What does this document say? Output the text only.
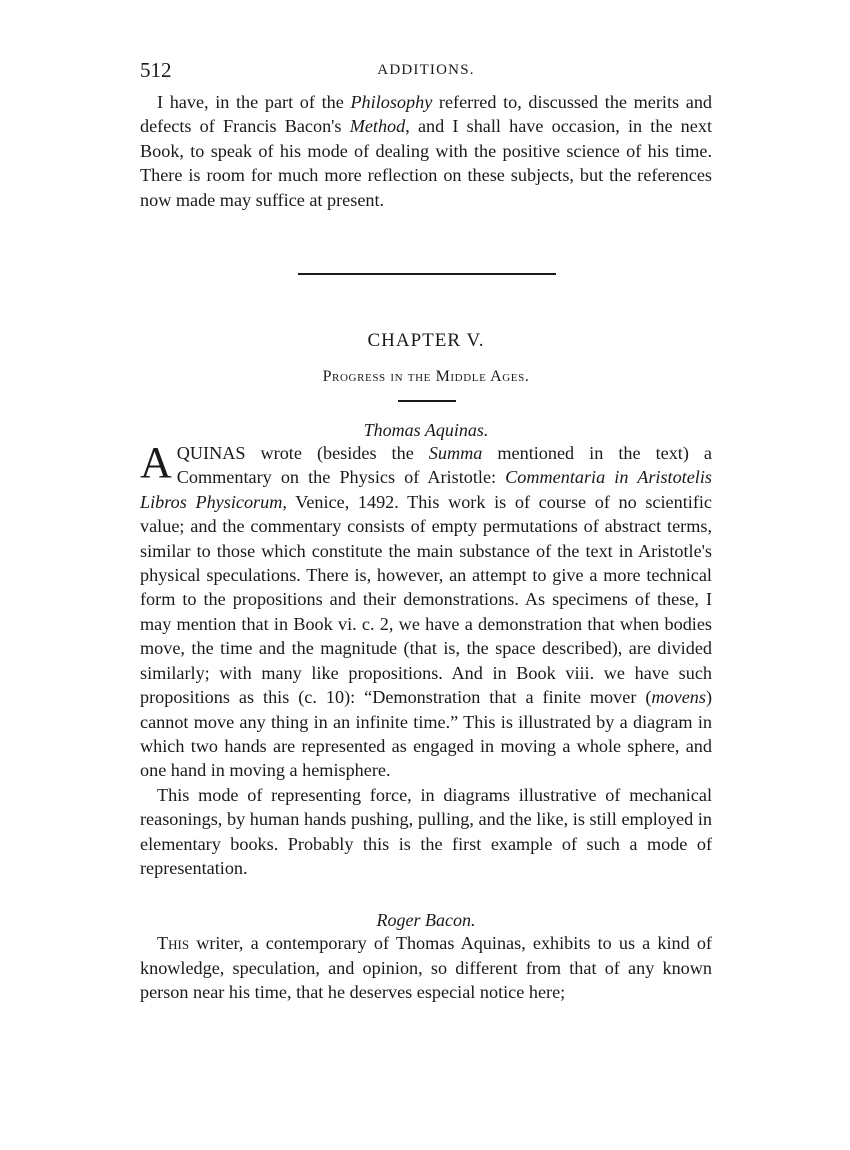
512	ADDITIONS.

I have, in the part of the Philosophy referred to, discussed the merits and defects of Francis Bacon's Method, and I shall have occasion, in the next Book, to speak of his mode of dealing with the positive science of his time. There is room for much more reflection on these subjects, but the references now made may suffice at present.

CHAPTER V.
Progress in the Middle Ages.
Thomas Aquinas.

AQUINAS wrote (besides the Summa mentioned in the text) a Commentary on the Physics of Aristotle: Commentaria in Aristotelis Libros Physicorum, Venice, 1492. This work is of course of no scientific value; and the commentary consists of empty permutations of abstract terms, similar to those which constitute the main substance of the text in Aristotle's physical speculations. There is, however, an attempt to give a more technical form to the propositions and their demonstrations. As specimens of these, I may mention that in Book vi. c. 2, we have a demonstration that when bodies move, the time and the magnitude (that is, the space described), are divided similarly; with many like propositions. And in Book viii. we have such propositions as this (c. 10): “Demonstration that a finite mover (movens) cannot move any thing in an infinite time.” This is illustrated by a diagram in which two hands are represented as engaged in moving a whole sphere, and one hand in moving a hemisphere.

This mode of representing force, in diagrams illustrative of mechanical reasonings, by human hands pushing, pulling, and the like, is still employed in elementary books. Probably this is the first example of such a mode of representation.

Roger Bacon.

This writer, a contemporary of Thomas Aquinas, exhibits to us a kind of knowledge, speculation, and opinion, so different from that of any known person near his time, that he deserves especial notice here;
